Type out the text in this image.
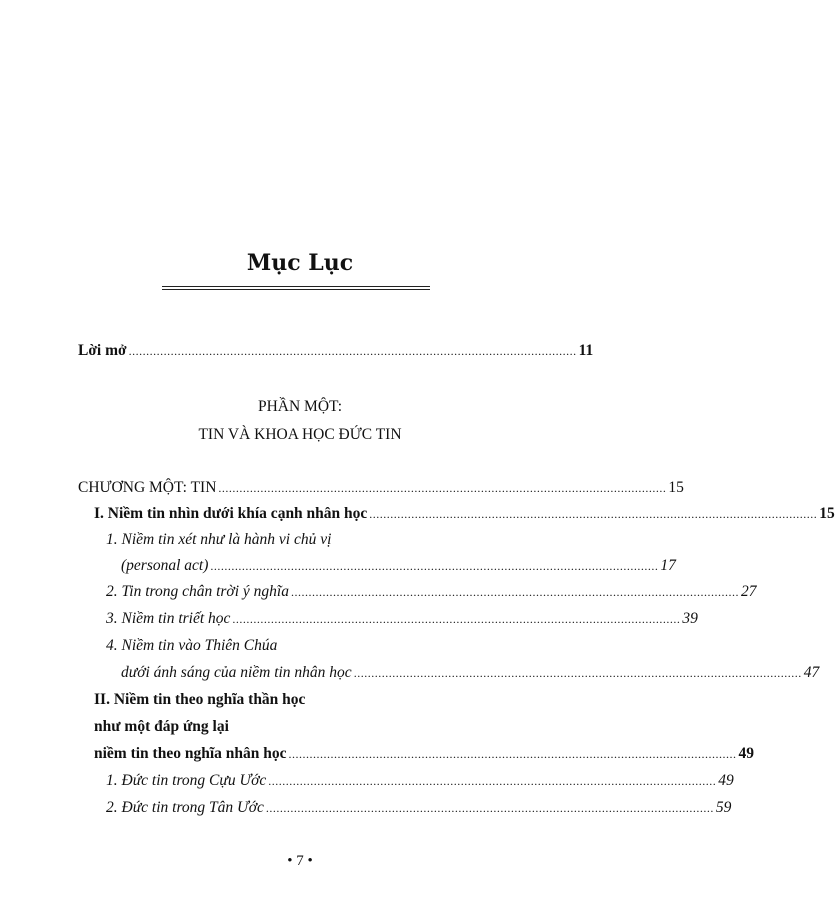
Mục Lục
Lời mở ................................................................................................................................ 11
PHẦN MỘT:
TIN VÀ KHOA HỌC ĐỨC TIN
CHƯƠNG MỘT: TIN ................................................................................................................................ 15
I. Niềm tin nhìn dưới khía cạnh nhân học ................................................................................................................................ 15
1. Niềm tin xét như là hành vi chủ vị
(personal act) ................................................................................................................................ 17
2. Tin trong chân trời ý nghĩa ................................................................................................................................ 27
3. Niềm tin triết học ................................................................................................................................ 39
4. Niềm tin vào Thiên Chúa
dưới ánh sáng của niềm tin nhân học ................................................................................................................................ 47
II. Niềm tin theo nghĩa thần học
như một đáp ứng lại
niềm tin theo nghĩa nhân học ................................................................................................................................ 49
1. Đức tin trong Cựu Ước ................................................................................................................................ 49
2. Đức tin trong Tân Ước ................................................................................................................................ 59
• 7 •
